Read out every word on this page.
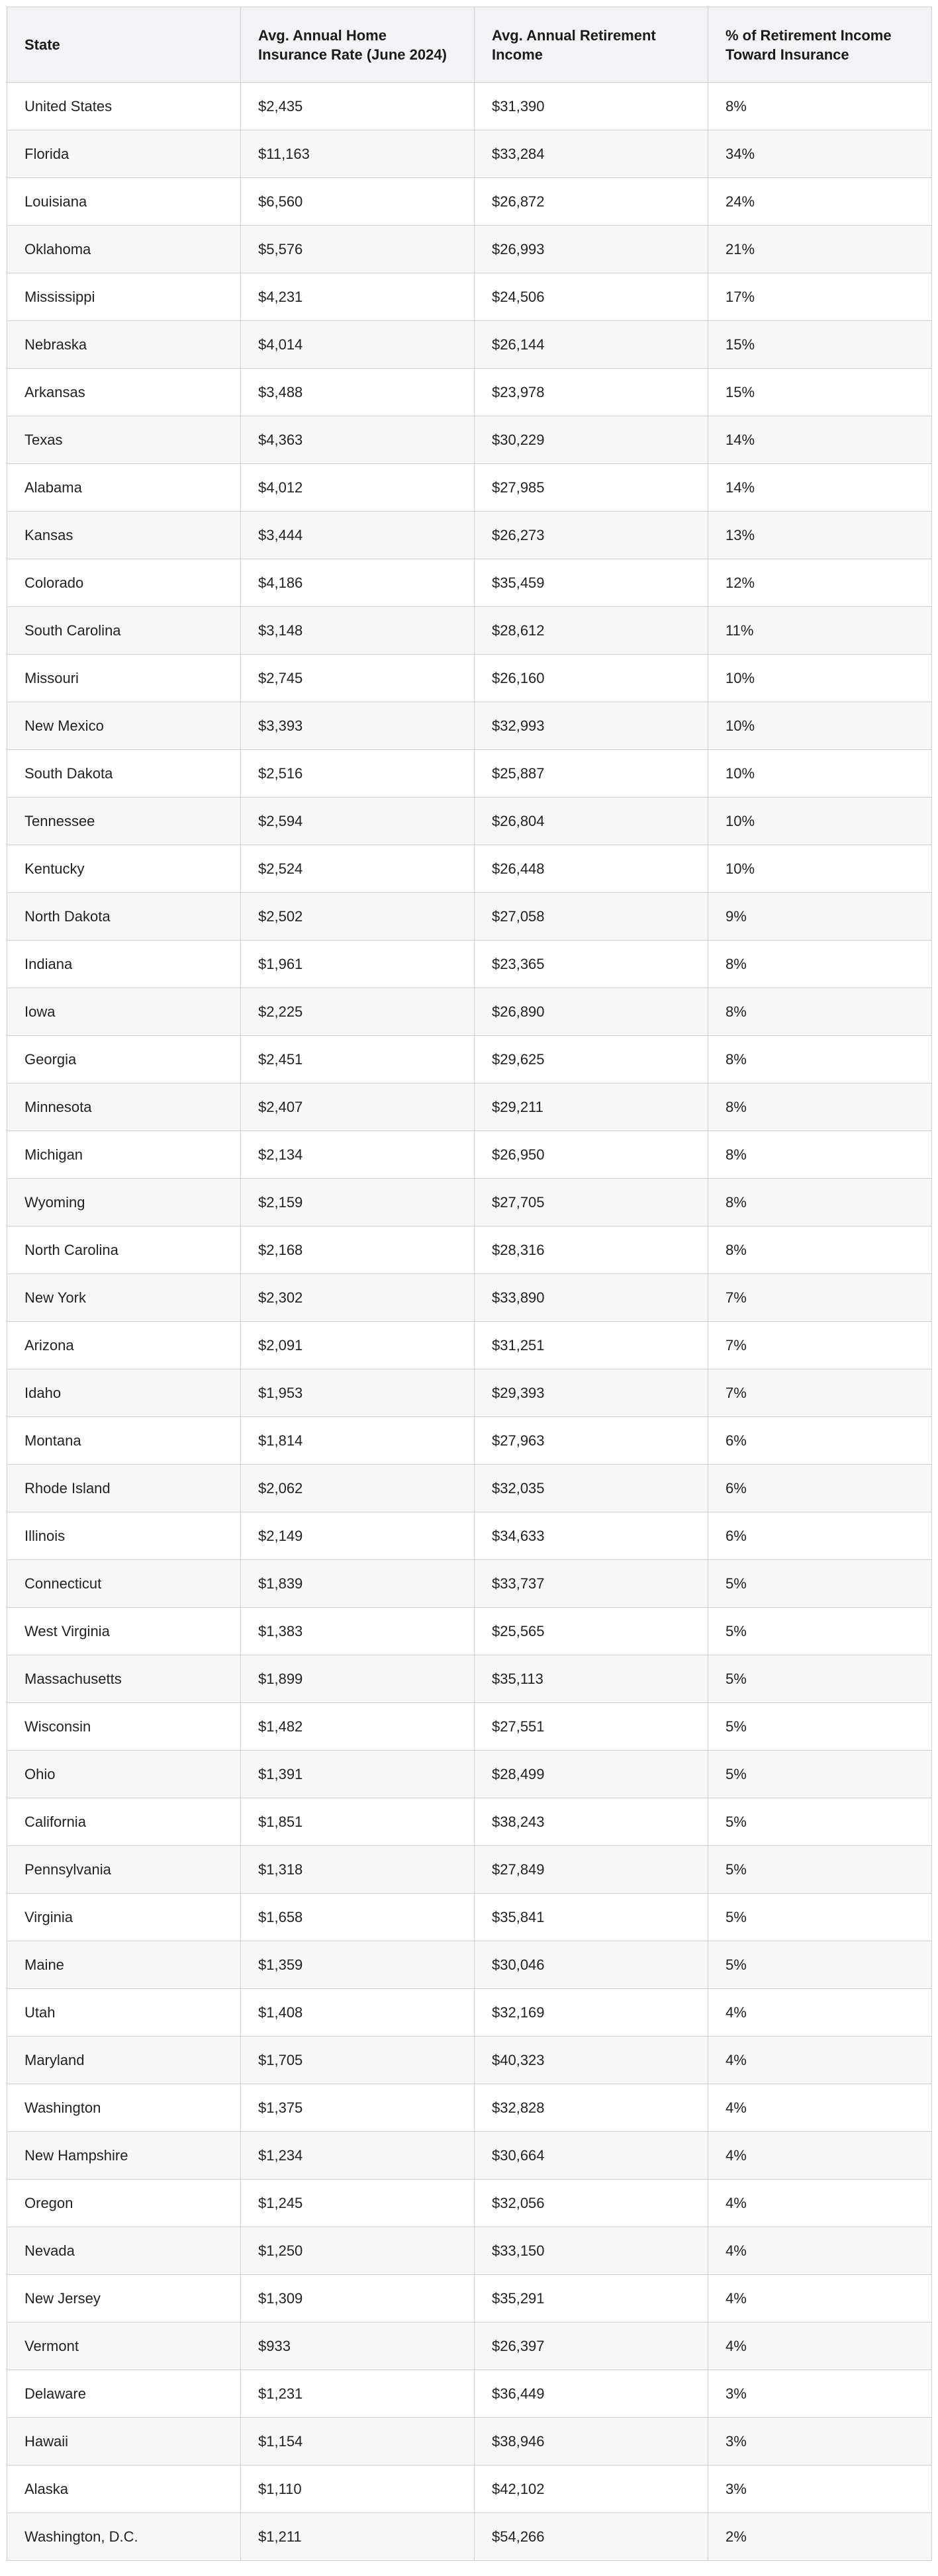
State	Avg. Annual Home Insurance Rate (June 2024)	Avg. Annual Retirement Income	% of Retirement Income Toward Insurance
United States	$2,435	$31,390	8%
Florida	$11,163	$33,284	34%
Louisiana	$6,560	$26,872	24%
Oklahoma	$5,576	$26,993	21%
Mississippi	$4,231	$24,506	17%
Nebraska	$4,014	$26,144	15%
Arkansas	$3,488	$23,978	15%
Texas	$4,363	$30,229	14%
Alabama	$4,012	$27,985	14%
Kansas	$3,444	$26,273	13%
Colorado	$4,186	$35,459	12%
South Carolina	$3,148	$28,612	11%
Missouri	$2,745	$26,160	10%
New Mexico	$3,393	$32,993	10%
South Dakota	$2,516	$25,887	10%
Tennessee	$2,594	$26,804	10%
Kentucky	$2,524	$26,448	10%
North Dakota	$2,502	$27,058	9%
Indiana	$1,961	$23,365	8%
Iowa	$2,225	$26,890	8%
Georgia	$2,451	$29,625	8%
Minnesota	$2,407	$29,211	8%
Michigan	$2,134	$26,950	8%
Wyoming	$2,159	$27,705	8%
North Carolina	$2,168	$28,316	8%
New York	$2,302	$33,890	7%
Arizona	$2,091	$31,251	7%
Idaho	$1,953	$29,393	7%
Montana	$1,814	$27,963	6%
Rhode Island	$2,062	$32,035	6%
Illinois	$2,149	$34,633	6%
Connecticut	$1,839	$33,737	5%
West Virginia	$1,383	$25,565	5%
Massachusetts	$1,899	$35,113	5%
Wisconsin	$1,482	$27,551	5%
Ohio	$1,391	$28,499	5%
California	$1,851	$38,243	5%
Pennsylvania	$1,318	$27,849	5%
Virginia	$1,658	$35,841	5%
Maine	$1,359	$30,046	5%
Utah	$1,408	$32,169	4%
Maryland	$1,705	$40,323	4%
Washington	$1,375	$32,828	4%
New Hampshire	$1,234	$30,664	4%
Oregon	$1,245	$32,056	4%
Nevada	$1,250	$33,150	4%
New Jersey	$1,309	$35,291	4%
Vermont	$933	$26,397	4%
Delaware	$1,231	$36,449	3%
Hawaii	$1,154	$38,946	3%
Alaska	$1,110	$42,102	3%
Washington, D.C.	$1,211	$54,266	2%
